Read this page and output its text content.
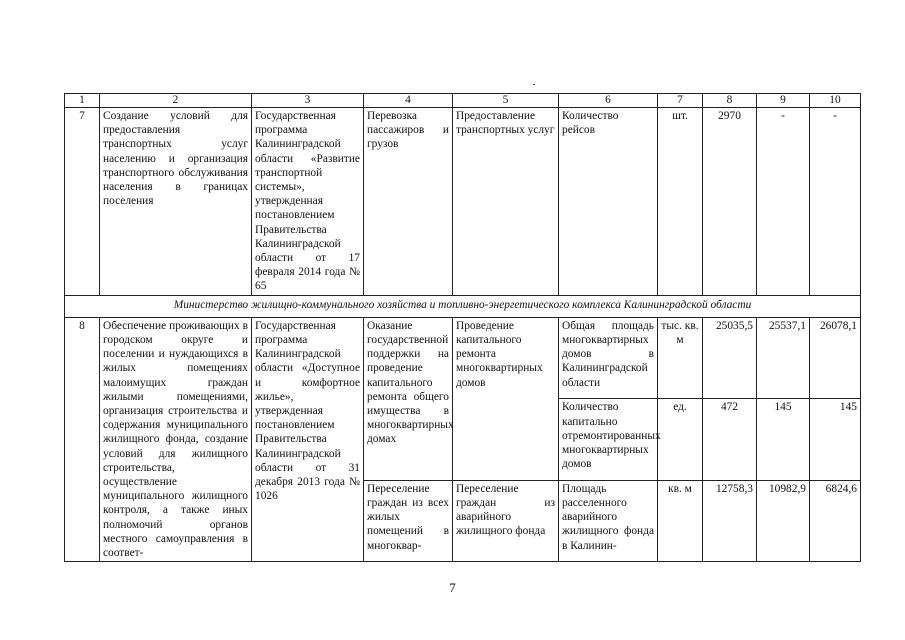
1	2	3	4	5	6	7	8	9	10
7	Создание условий для предоставления транспортных услуг населению и организация транспортного обслуживания населения в границах поселения	Государственная программа Калининградской области «Развитие транспортной системы», утвержденная постановлением Правительства Калининградской области от 17 февраля 2014 года № 65	Перевозка пассажиров и грузов	Предоставление транспортных услуг	Количество рейсов	шт.	2970	-	-
Министерство жилищно-коммунального хозяйства и топливно-энергетического комплекса Калининградской области									
8	Обеспечение проживающих в городском округе и поселении и нуждающихся в жилых помещениях малоимущих граждан жилыми помещениями, организация строительства и содержания муниципального жилищного фонда, создание условий для жилищного строительства, осуществление муниципального жилищного контроля, а также иных полномочий органов местного самоуправления в соответ-	Государственная программа Калининградской области «Доступное и комфортное жилье», утвержденная постановлением Правительства Калининградской области от 31 декабря 2013 года № 1026	Оказание государственной поддержки на проведение капитального ремонта общего имущества в многоквартирных домах	Проведение капитального ремонта многоквартирных домов	Общая площадь многоквартирных домов в Калининградской области	тыс. кв. м	25035,5	25537,1	26078,1
					Количество капитально отремонтированных многоквартирных домов	ед.	472	145	145
			Переселение граждан из всех жилых помещений в многоквар-	Переселение граждан из аварийного жилищного фонда	Площадь расселенного аварийного жилищного фонда в Калинин-	кв. м	12758,3	10982,9	6824,6
7
